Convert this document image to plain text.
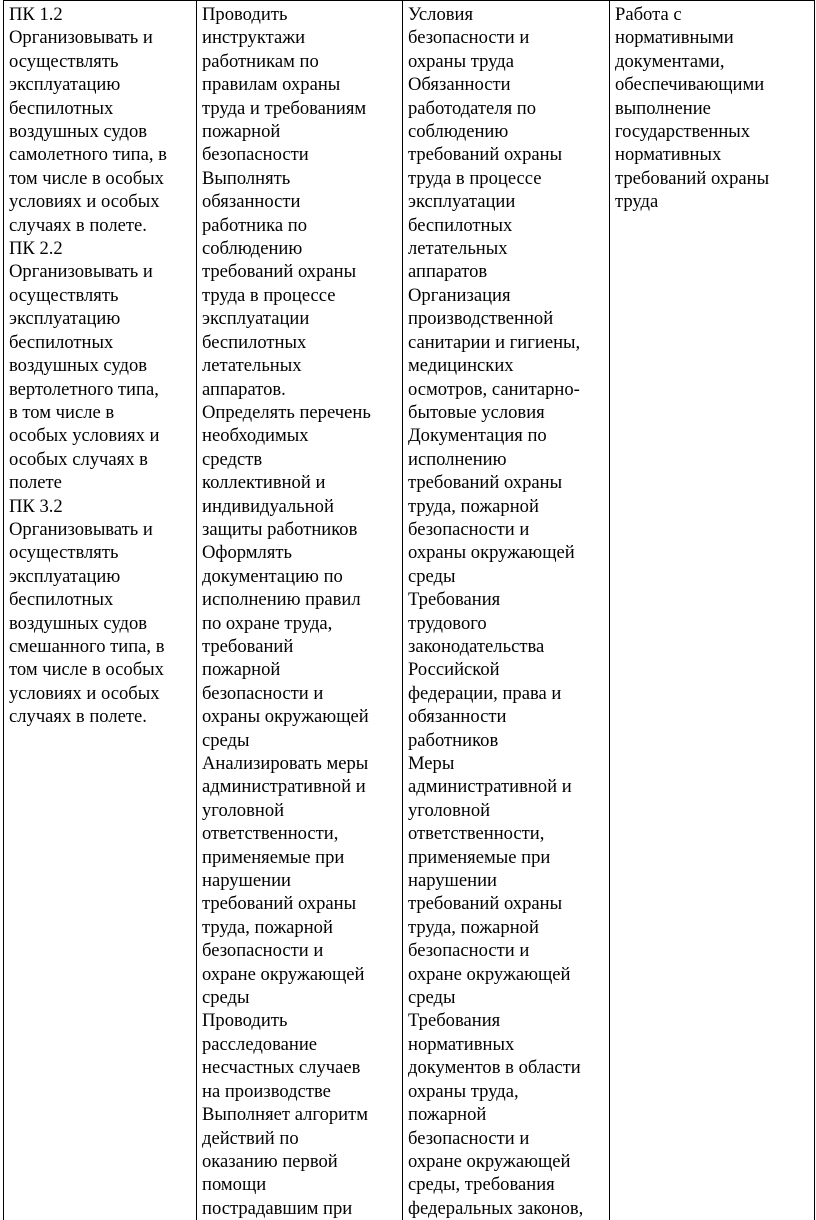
ПК 1.2
Организовывать и
осуществлять
эксплуатацию
беспилотных
воздушных судов
самолетного типа, в
том числе в особых
условиях и особых
случаях в полете.
ПК 2.2
Организовывать и
осуществлять
эксплуатацию
беспилотных
воздушных судов
вертолетного типа,
в том числе в
особых условиях и
особых случаях в
полете
ПК 3.2
Организовывать и
осуществлять
эксплуатацию
беспилотных
воздушных судов
смешанного типа, в
том числе в особых
условиях и особых
случаях в полете.

Проводить
инструктажи
работникам по
правилам охраны
труда и требованиям
пожарной
безопасности
Выполнять
обязанности
работника по
соблюдению
требований охраны
труда в процессе
эксплуатации
беспилотных
летательных
аппаратов.
Определять перечень
необходимых
средств
коллективной и
индивидуальной
защиты работников
Оформлять
документацию по
исполнению правил
по охране труда,
требований
пожарной
безопасности и
охраны окружающей
среды
Анализировать меры
административной и
уголовной
ответственности,
применяемые при
нарушении
требований охраны
труда, пожарной
безопасности и
охране окружающей
среды
Проводить
расследование
несчастных случаев
на производстве
Выполняет алгоритм
действий по
оказанию первой
помощи
пострадавшим при

Условия
безопасности и
охраны труда
Обязанности
работодателя по
соблюдению
требований охраны
труда в процессе
эксплуатации
беспилотных
летательных
аппаратов
Организация
производственной
санитарии и гигиены,
медицинских
осмотров, санитарно-
бытовые условия
Документация по
исполнению
требований охраны
труда, пожарной
безопасности и
охраны окружающей
среды
Требования
трудового
законодательства
Российской
федерации, права и
обязанности
работников
Меры
административной и
уголовной
ответственности,
применяемые при
нарушении
требований охраны
труда, пожарной
безопасности и
охране окружающей
среды
Требования
нормативных
документов в области
охраны труда,
пожарной
безопасности и
охране окружающей
среды, требования
федеральных законов,

Работа с
нормативными
документами,
обеспечивающими
выполнение
государственных
нормативных
требований охраны
труда
